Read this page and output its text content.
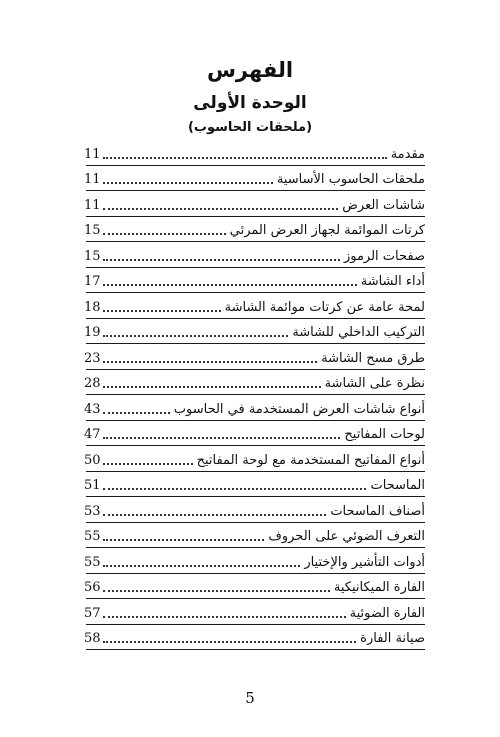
الفهرس
الوحدة الأولى
(ملحقات الحاسوب)
مقدمة
11
ملحقات الحاسوب الأساسية
11
شاشات العرض
11
كرتات الموائمة لجهاز العرض المرئي
15
صفحات الرموز
15
أداء الشاشة
17
لمحة عامة عن كرتات موائمة الشاشة
18
التركيب الداخلي للشاشة
19
طرق مسح الشاشة
23
نظرة على الشاشة
28
أنواع شاشات العرض المستخدمة في الحاسوب
43
لوحات المفاتيح
47
أنواع المفاتيح المستخدمة مع لوحة المفاتيح
50
الماسحات
51
أصناف الماسحات
53
التعرف الضوئي على الحروف
55
أدوات التأشير والإختيار
55
الفارة الميكانيكية
56
الفارة الضوئية
57
صيانة الفارة
58
5
